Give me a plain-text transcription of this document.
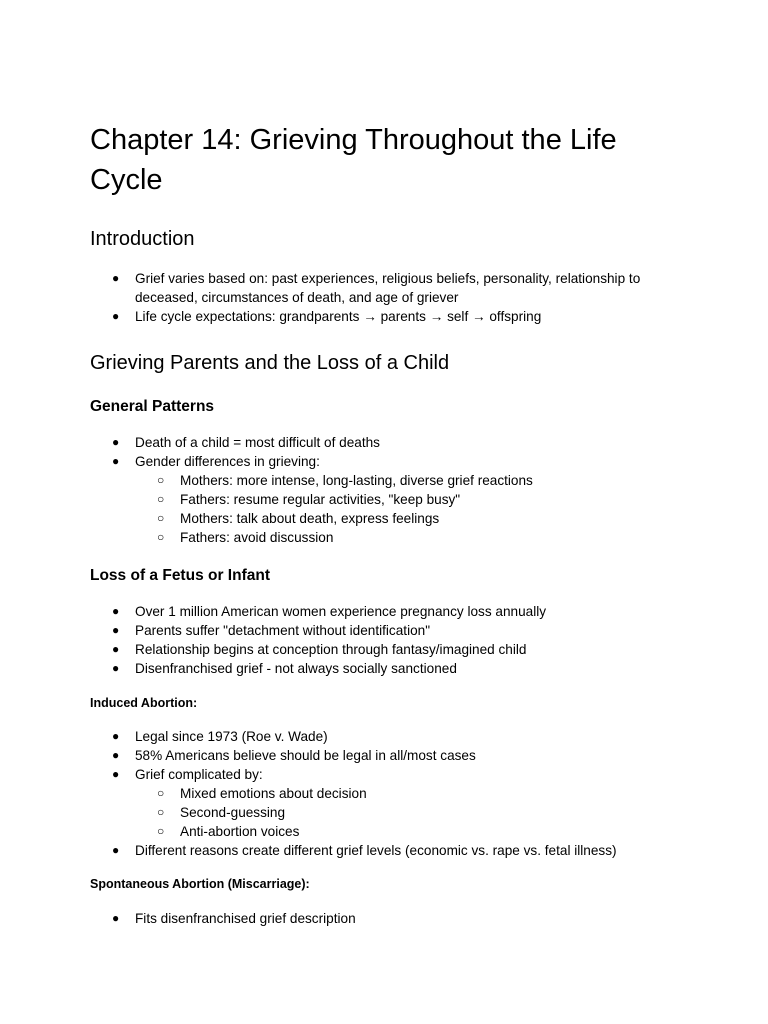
Chapter 14: Grieving Throughout the Life Cycle
Introduction
● Grief varies based on: past experiences, religious beliefs, personality, relationship to deceased, circumstances of death, and age of griever
● Life cycle expectations: grandparents → parents → self → offspring
Grieving Parents and the Loss of a Child
General Patterns
● Death of a child = most difficult of deaths
● Gender differences in grieving:
○ Mothers: more intense, long-lasting, diverse grief reactions
○ Fathers: resume regular activities, "keep busy"
○ Mothers: talk about death, express feelings
○ Fathers: avoid discussion
Loss of a Fetus or Infant
● Over 1 million American women experience pregnancy loss annually
● Parents suffer "detachment without identification"
● Relationship begins at conception through fantasy/imagined child
● Disenfranchised grief - not always socially sanctioned
Induced Abortion:
● Legal since 1973 (Roe v. Wade)
● 58% Americans believe should be legal in all/most cases
● Grief complicated by:
○ Mixed emotions about decision
○ Second-guessing
○ Anti-abortion voices
● Different reasons create different grief levels (economic vs. rape vs. fetal illness)
Spontaneous Abortion (Miscarriage):
● Fits disenfranchised grief description
